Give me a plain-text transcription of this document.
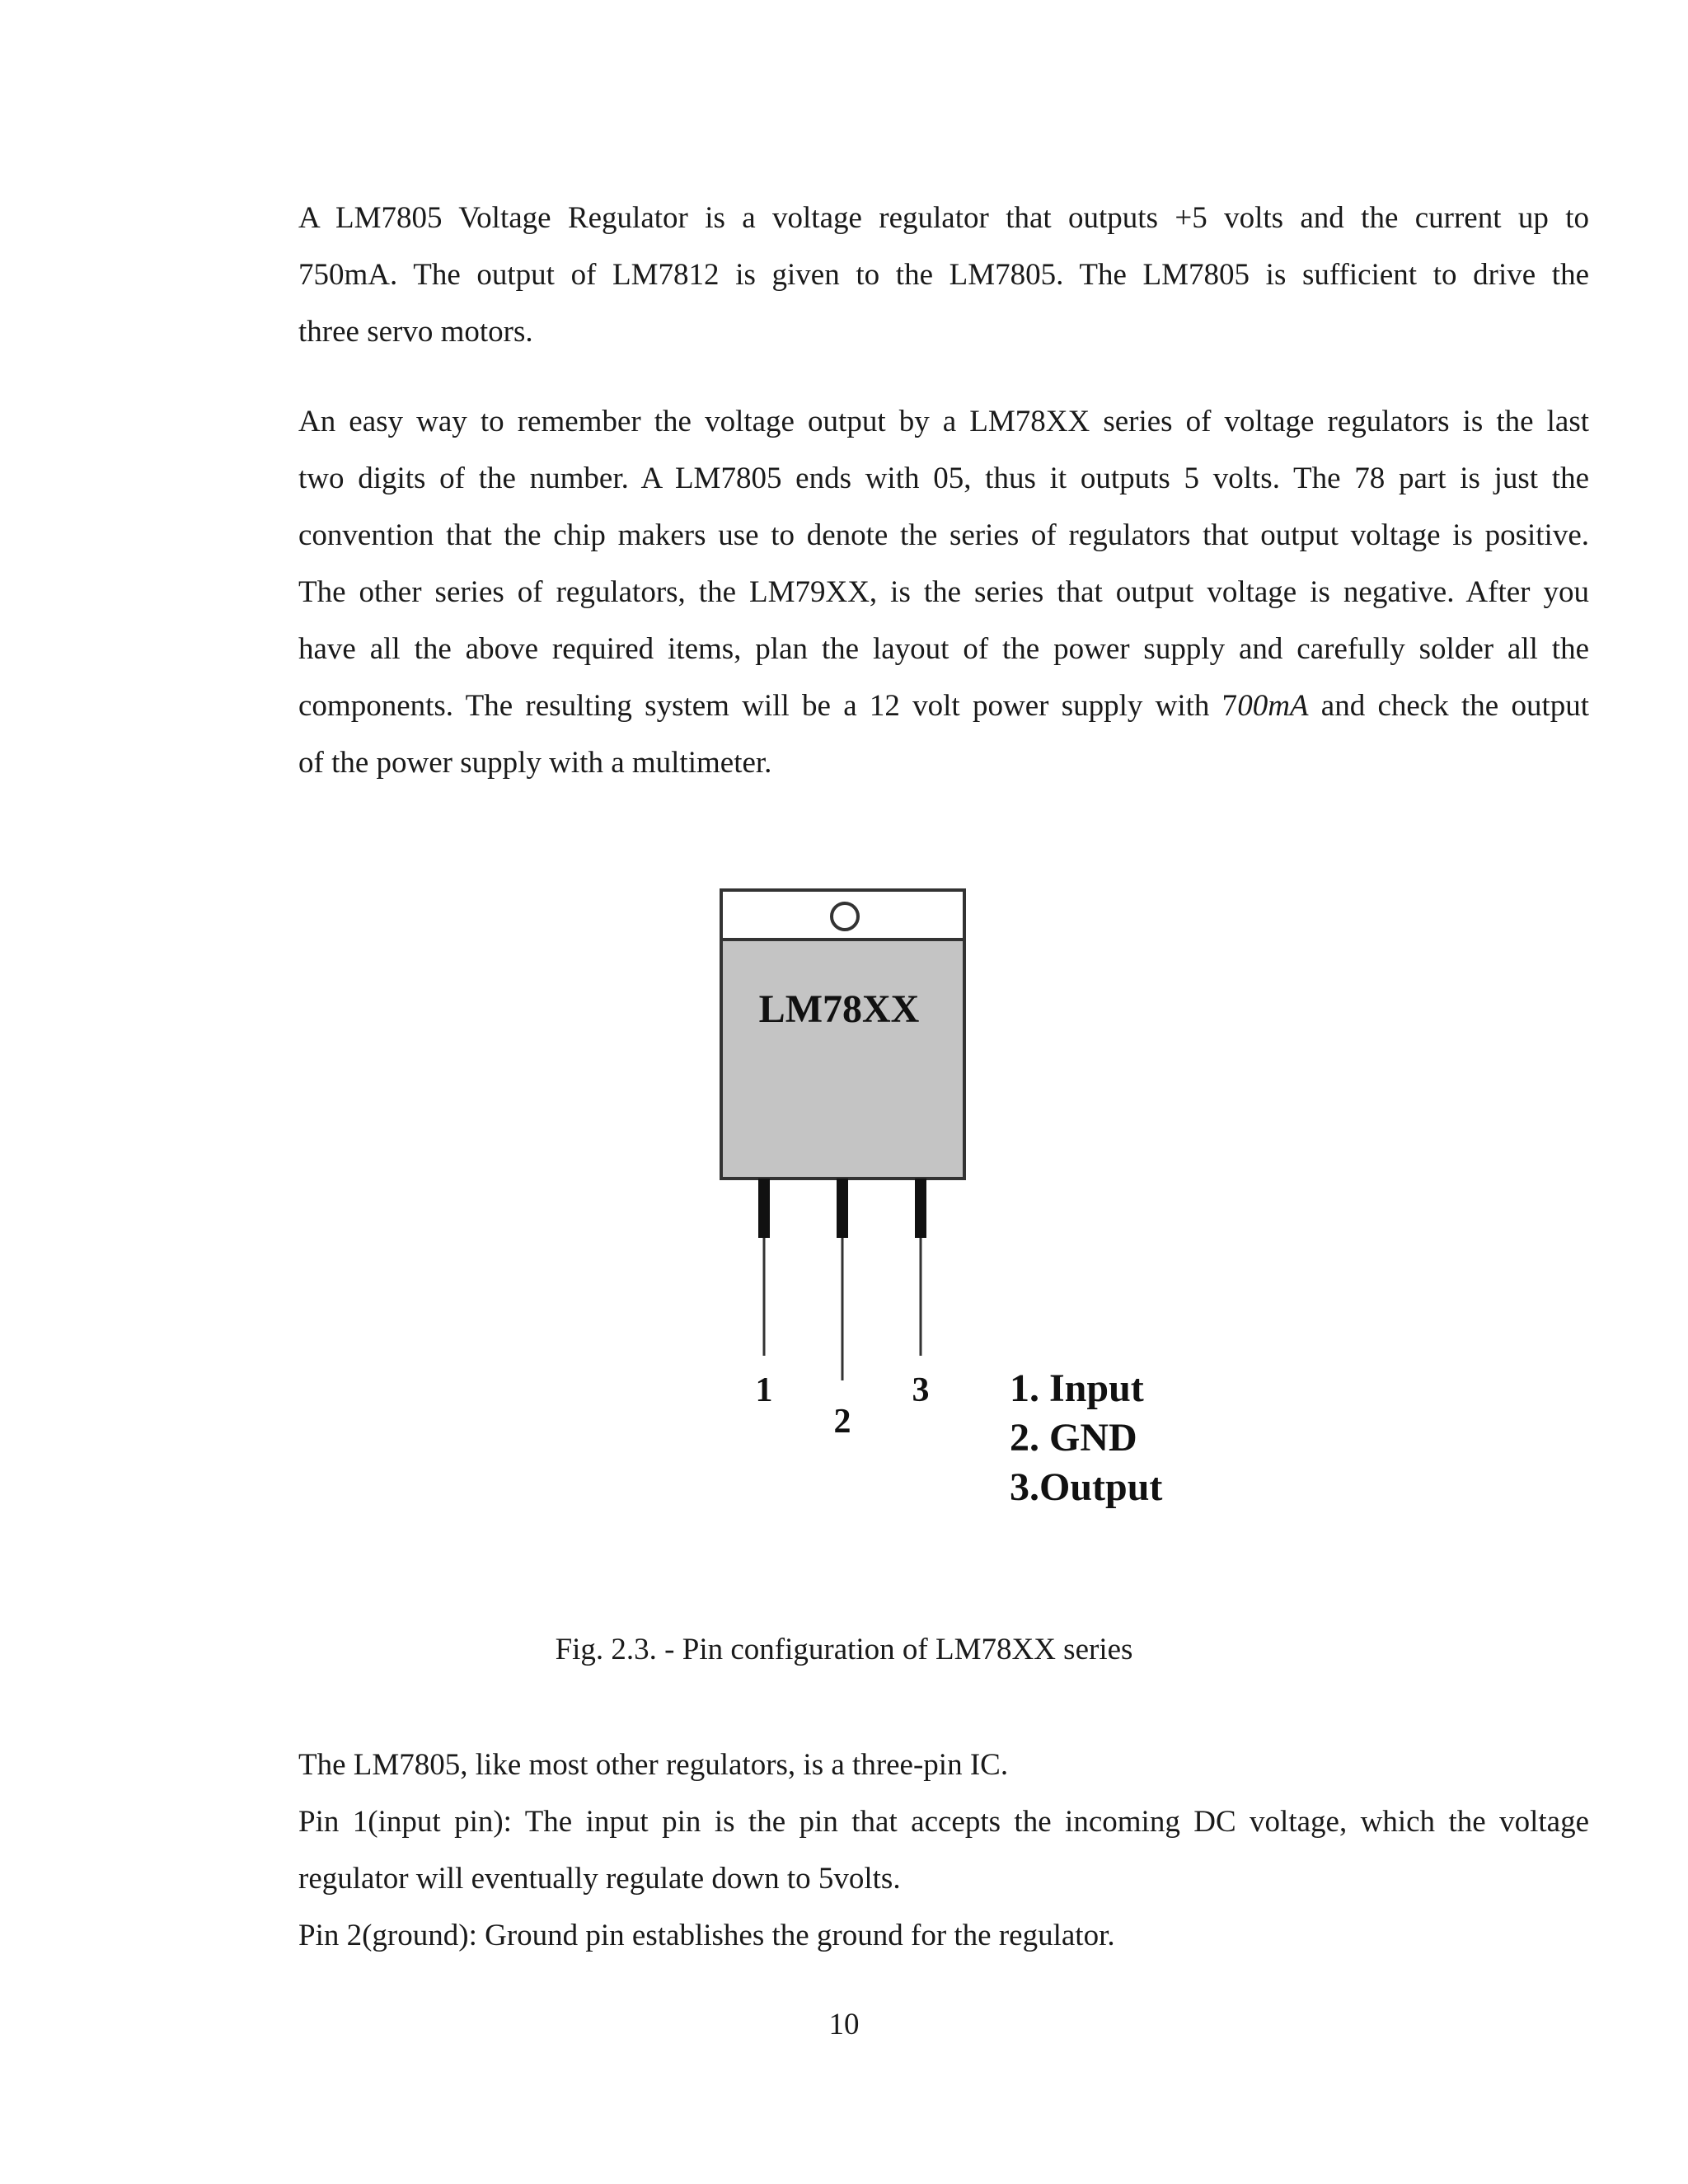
A LM7805 Voltage Regulator is a voltage regulator that outputs +5 volts and the current up to
750mA. The output of LM7812 is given to the LM7805. The LM7805 is sufficient to drive the
three servo motors.
An easy way to remember the voltage output by a LM78XX series of voltage regulators is the last
two digits of the number. A LM7805 ends with 05, thus it outputs 5 volts. The 78 part is just the
convention that the chip makers use to denote the series of regulators that output voltage is positive.
The other series of regulators, the LM79XX, is the series that output voltage is negative. After you
have all the above required items, plan the layout of the power supply and carefully solder all the
components. The resulting system will be a 12 volt power supply with 700mA and check the output
of the power supply with a multimeter.
LM78XX
1
2
3 1. Input
2. GND
3.Output
Fig. 2.3. - Pin configuration of LM78XX series
The LM7805, like most other regulators, is a three-pin IC.
Pin 1(input pin): The input pin is the pin that accepts the incoming DC voltage, which the voltage
regulator will eventually regulate down to 5volts.
Pin 2(ground): Ground pin establishes the ground for the regulator.
10
